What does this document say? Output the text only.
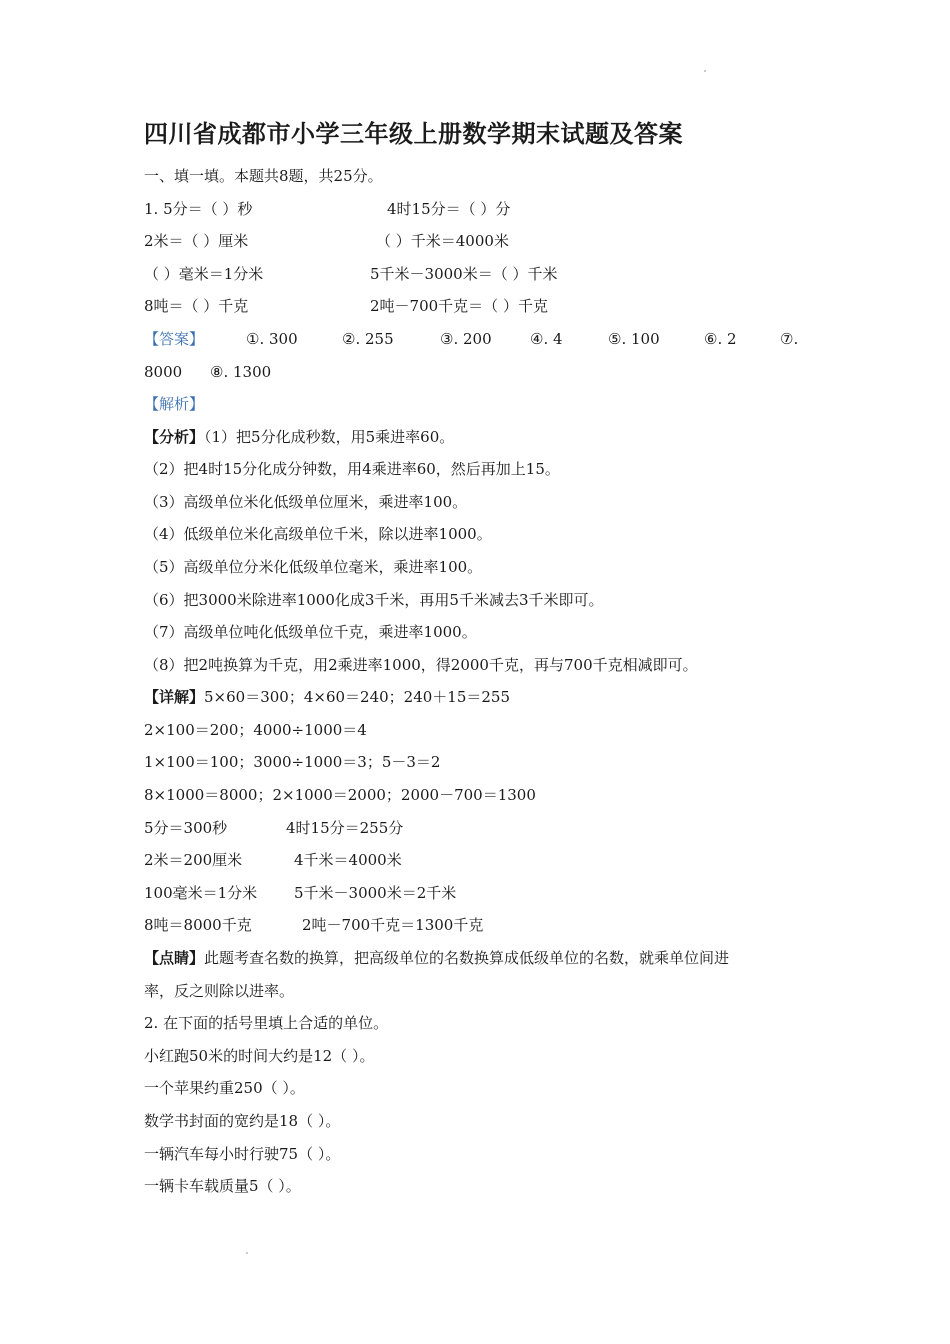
四川省成都市小学三年级上册数学期末试题及答案
一、填一填。本题共8题，共25分。
1. 5分＝（ ）秒	4时15分＝（ ）分
2米＝（ ）厘米	（ ）千米＝4000米
（ ）毫米＝1分米	5千米－3000米＝（ ）千米
8吨＝（ ）千克	2吨－700千克＝（ ）千克
【答案】	①. 300	②. 255	③. 200	④. 4	⑤. 100	⑥. 2	⑦.
8000 ⑧. 1300
【解析】
【分析】（1）把5分化成秒数，用5乘进率60。
（2）把4时15分化成分钟数，用4乘进率60，然后再加上15。
（3）高级单位米化低级单位厘米，乘进率100。
（4）低级单位米化高级单位千米，除以进率1000。
（5）高级单位分米化低级单位毫米，乘进率100。
（6）把3000米除进率1000化成3千米，再用5千米减去3千米即可。
（7）高级单位吨化低级单位千克，乘进率1000。
（8）把2吨换算为千克，用2乘进率1000，得2000千克，再与700千克相减即可。
【详解】5×60＝300；4×60＝240；240＋15＝255
2×100＝200；4000÷1000＝4
1×100＝100；3000÷1000＝3；5－3＝2
8×1000＝8000；2×1000＝2000；2000－700＝1300
5分＝300秒	4时15分＝255分
2米＝200厘米	4千米＝4000米
100毫米＝1分米 5千米－3000米＝2千米
8吨＝8000千克	2吨－700千克＝1300千克
【点睛】此题考查名数的换算，把高级单位的名数换算成低级单位的名数，就乘单位间进
率，反之则除以进率。
2. 在下面的括号里填上合适的单位。
小红跑50米的时间大约是12（ ）。
一个苹果约重250（ ）。
数学书封面的宽约是18（ ）。
一辆汽车每小时行驶75（ ）。
一辆卡车载质量5（ ）。
